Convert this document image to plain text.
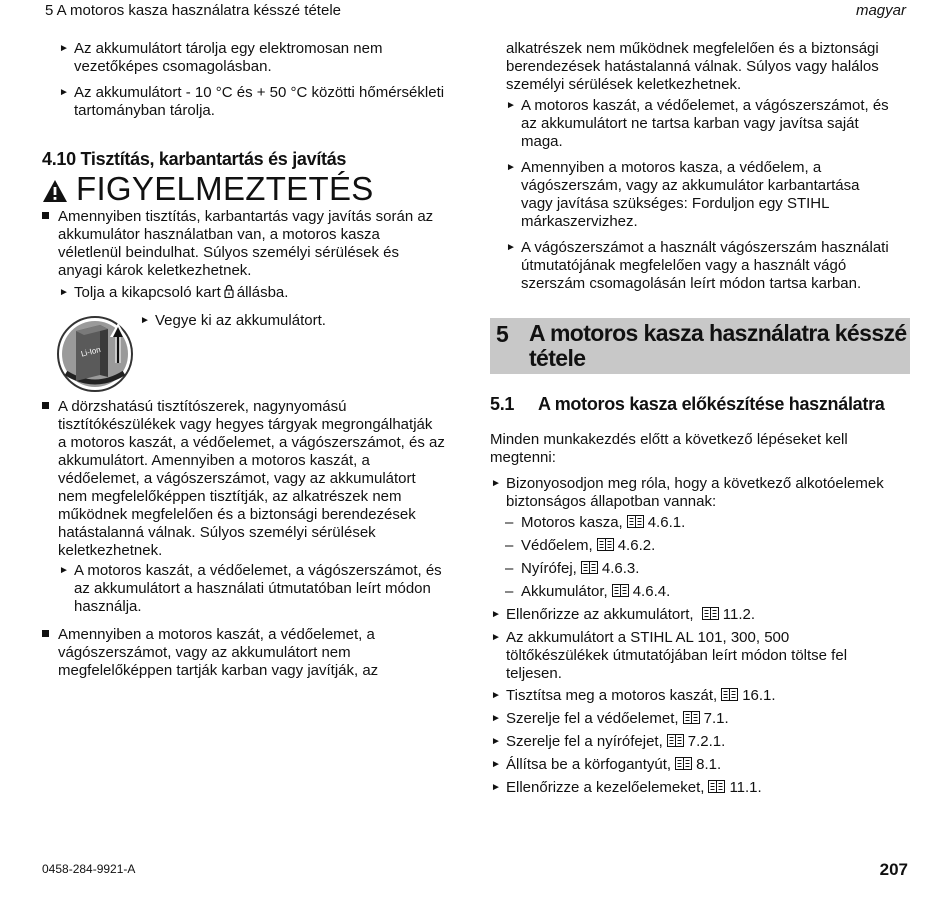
5 A motoros kasza használatra késszé tétele	magyar
► Az akkumulátort tárolja egy elektromosan nem
vezetőképes csomagolásban.
► Az akkumulátort - 10 °C és + 50 °C közötti hőmérsékleti
tartományban tárolja.
4.10 Tisztítás, karbantartás és javítás
FIGYELMEZTETÉS
Amennyiben tisztítás, karbantartás vagy javítás során az
akkumulátor használatban van, a motoros kasza
véletlenül beindulhat. Súlyos személyi sérülések és
anyagi károk keletkezhetnek.
► Tolja a kikapcsoló kart állásba.
Li-Ion
► Vegye ki az akkumulátort.
A dörzshatású tisztítószerek, nagynyomású
tisztítókészülékek vagy hegyes tárgyak megrongálhatják
a motoros kaszát, a védőelemet, a vágószerszámot, és az
akkumulátort. Amennyiben a motoros kaszát, a
védőelemet, a vágószerszámot, vagy az akkumulátort
nem megfelelőképpen tisztítják, az alkatrészek nem
működnek megfelelően és a biztonsági berendezések
hatástalanná válnak. Súlyos személyi sérülések
keletkezhetnek.
► A motoros kaszát, a védőelemet, a vágószerszámot, és
az akkumulátort a használati útmutatóban leírt módon
használja.
Amennyiben a motoros kaszát, a védőelemet, a
vágószerszámot, vagy az akkumulátort nem
megfelelőképpen tartják karban vagy javítják, az
alkatrészek nem működnek megfelelően és a biztonsági
berendezések hatástalanná válnak. Súlyos vagy halálos
személyi sérülések keletkezhetnek.
► A motoros kaszát, a védőelemet, a vágószerszámot, és
az akkumulátort ne tartsa karban vagy javítsa saját
maga.
► Amennyiben a motoros kasza, a védőelem, a
vágószerszám, vagy az akkumulátor karbantartása
vagy javítása szükséges: Forduljon egy STIHL
márkaszervizhez.
► A vágószerszámot a használt vágószerszám használati
útmutatójának megfelelően vagy a használt vágó
szerszám csomagolásán leírt módon tartsa karban.
5 A motoros kasza használatra késszé tétele
5.1 A motoros kasza előkészítése használatra
Minden munkakezdés előtt a következő lépéseket kell
megtenni:
► Bizonyosodjon meg róla, hogy a következő alkotóelemek
biztonságos állapotban vannak:
– Motoros kasza, 4.6.1.
– Védőelem, 4.6.2.
– Nyírófej, 4.6.3.
– Akkumulátor, 4.6.4.
► Ellenőrizze az akkumulátort, 11.2.
► Az akkumulátort a STIHL AL 101, 300, 500
töltőkészülékek útmutatójában leírt módon töltse fel
teljesen.
► Tisztítsa meg a motoros kaszát, 16.1.
► Szerelje fel a védőelemet, 7.1.
► Szerelje fel a nyírófejet, 7.2.1.
► Állítsa be a körfogantyút, 8.1.
► Ellenőrizze a kezelőelemeket, 11.1.
0458-284-9921-A	207
